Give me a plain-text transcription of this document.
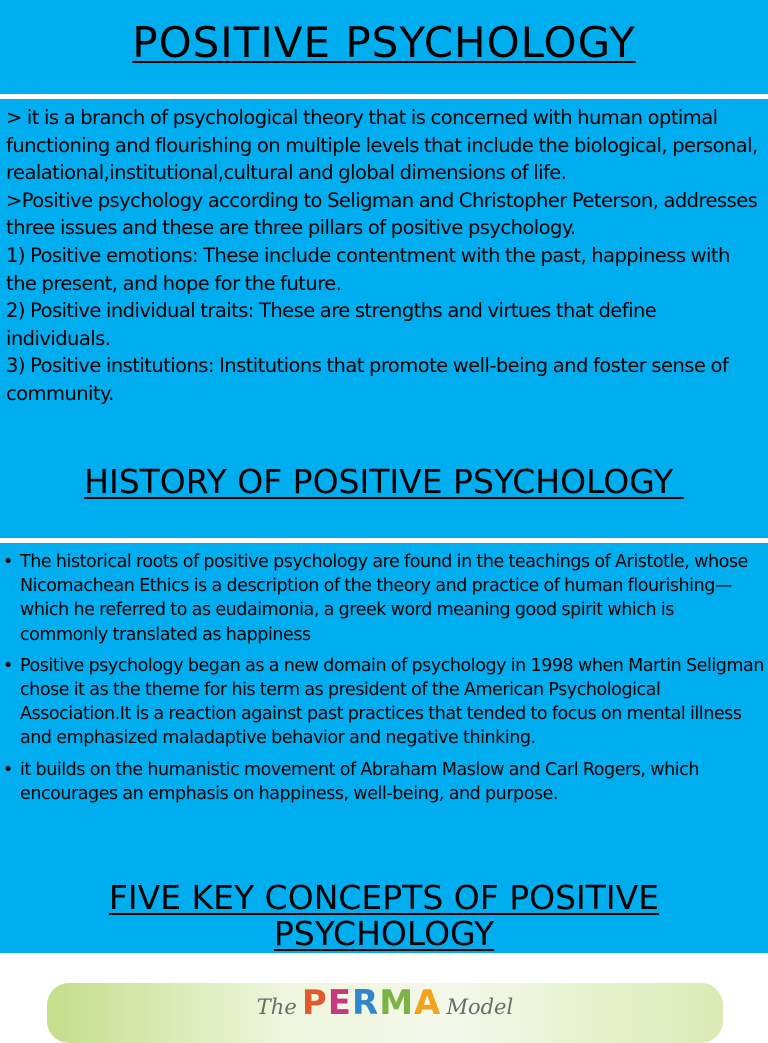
POSITIVE PSYCHOLOGY

> it is a branch of psychological theory that is concerned with human optimal functioning and flourishing on multiple levels that include the biological, personal, realational,institutional,cultural and global dimensions of life.

>Positive psychology according to Seligman and Christopher Peterson, addresses three issues and these are three pillars of positive psychology.

1) Positive emotions: These include contentment with the past, happiness with the present, and hope for the future.

2) Positive individual traits: These are strengths and virtues that define individuals.

3) Positive institutions: Institutions that promote well-being and foster sense of community.

HISTORY OF POSITIVE PSYCHOLOGY
• The historical roots of positive psychology are found in the teachings of Aristotle, whose Nicomachean Ethics is a description of the theory and practice of human flourishing—which he referred to as eudaimonia, a greek word meaning good spirit which is commonly translated as happiness
• Positive psychology began as a new domain of psychology in 1998 when Martin Seligman chose it as the theme for his term as president of the American Psychological Association.It is a reaction against past practices that tended to focus on mental illness and emphasized maladaptive behavior and negative thinking.
• it builds on the humanistic movement of Abraham Maslow and Carl Rogers, which encourages an emphasis on happiness, well-being, and purpose.
FIVE KEY CONCEPTS OF POSITIVE PSYCHOLOGY
The PERMA Model
